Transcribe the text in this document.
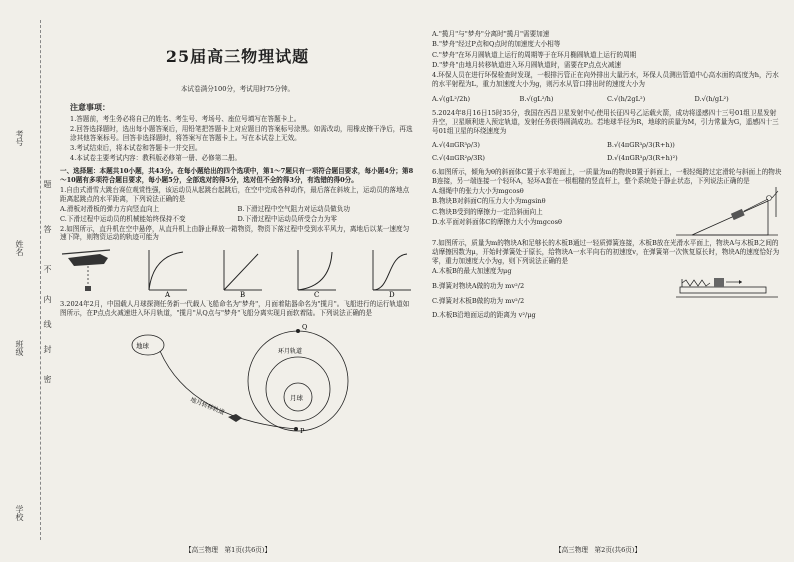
考号
题
答
姓名
不
内
线
班级 封
密
学校
25届高三物理试题
本试卷满分100分，考试用时75分钟。
注意事项：
1.答题前，考生务必将自己的姓名、考生号、考场号、座位号填写在答题卡上。
2.回答选择题时，选出每小题答案后，用铅笔把答题卡上对应题目的答案标号涂黑。如需改动，用橡皮擦干净后，再选涂其他答案标号。回答非选择题时，将答案写在答题卡上。写在本试卷上无效。
3.考试结束后，将本试卷和答题卡一并交回。
4.本试卷主要考试内容：教科版必修第一册、必修第二册。
一、选择题：本题共10小题，共43分。在每小题给出的四个选项中，第1～7题只有一项符合题目要求，每小题4分；第8～10题有多项符合题目要求，每小题5分，全部选对的得5分，选对但不全的得3分，有选错的得0分。
1.自由式滑雪大跳台赛位观赏性强，该运动员从起跳台起跳后，在空中完成各种动作，最后落在斜坡上，运动员的落地点距离起跳点的水平距离，下列说法正确的是
A.滑板对滑板的弹力方向竖直向上	B.下滑过程中空气阻力对运动员做负功
C.下滑过程中运动员的机械能始终保持不变	D.下滑过程中运动员所受合力为零
2.如图所示，直升机在空中悬停，从直升机上由静止释放一箱物资，物资下落过程中受到水平风力，离地后以某一速度匀速下降，则物资运动的轨迹可能为
A	B	C	D
3.2024年2月，中国载人月球探测任务新一代载人飞船命名为"梦舟"，月面着陆器命名为"揽月"。飞船进行的运行轨道如图所示，在P点点火减速进入环月轨道，"揽月"从Q点与"梦舟"飞船分离实现月面软着陆。下列说法正确的是
地球
月球
环月轨道
地月转移轨道
P
Q
A."揽月"与"梦舟"分离时"揽月"需要加速
B."梦舟"经过P点和Q点时的加速度大小相等
C."梦舟"在环月圆轨道上运行的周期等于在环月椭圆轨道上运行的周期
D."梦舟"由地月转移轨道进入环月圆轨道时，需要在P点点火减速
4.环保人员在进行环保检查时发现，一根排污管正在向外排出大量污水，环保人员测出管道中心高水面的高度为h，污水的水平射程为L，重力加速度大小为g，则污水从管口排出时的速度大小为
A.√(gL²/2h)	B.√(gL²/h)	C.√(h/2gL²)	D.√(h/gL²)
5.2024年8月16日15时35分，我国在西昌卫星发射中心使用长征四号乙运载火箭，成功将遥感四十三号01组卫星发射升空，卫星顺利进入预定轨道，发射任务获得圆满成功。若地球半径为R，地球的质量为M，引力常量为G，遥感四十三号01组卫星的环绕速度为
A.√(4πGR³ρ/3)	B.√(4πGR³ρ/3(R+h))
C.√(4πGR²ρ/3R)	D.√(4πGR³ρ/3(R+h)²)
6.如图所示，倾角为θ的斜面体C置于水平地面上，一质量为m的物块B置于斜面上，一根轻绳跨过定滑轮与斜面上的物块B连接，另一端连接一个轻环A，轻环A套在一根粗糙的竖直杆上，整个系统处于静止状态，下列说法正确的是
A.细绳中的张力大小为mgcosθ
B.物块B对斜面C的压力大小为mgsinθ
C.物块B受到的摩擦力一定沿斜面向上
D.水平面对斜面体C的摩擦力大小为mgcosθ
7.如图所示，质量为m的物块A和足够长的木板B通过一轻质弹簧连接，木板B放在光滑水平面上，物块A与木板B之间的动摩擦因数为μ，开始时弹簧处于原长，给物块A一水平向右的初速度v，在弹簧第一次恢复原长时，物块A的速度恰好为零，重力加速度大小为g，则下列说法正确的是
A.木板B的最大加速度为μg
B.弹簧对物块A做的功为 mv²/2
C.弹簧对木板B做的功为 mv²/2
D.木板B沿地面运动的距离为 v²/μg
【高三物理　第1页(共6页)】	【高三物理　第2页(共6页)】
